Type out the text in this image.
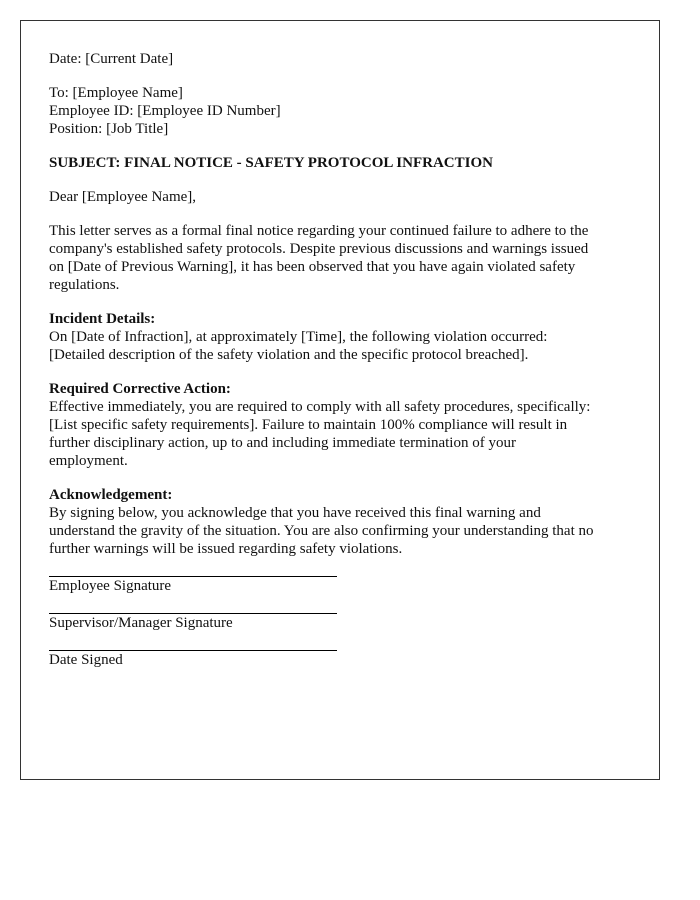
Date: [Current Date]

To: [Employee Name]
Employee ID: [Employee ID Number]
Position: [Job Title]

SUBJECT: FINAL NOTICE - SAFETY PROTOCOL INFRACTION

Dear [Employee Name],

This letter serves as a formal final notice regarding your continued failure to adhere to the
company's established safety protocols. Despite previous discussions and warnings issued
on [Date of Previous Warning], it has been observed that you have again violated safety
regulations.

Incident Details:
On [Date of Infraction], at approximately [Time], the following violation occurred:
[Detailed description of the safety violation and the specific protocol breached].
Required Corrective Action:
Effective immediately, you are required to comply with all safety procedures, specifically:
[List specific safety requirements]. Failure to maintain 100% compliance will result in
further disciplinary action, up to and including immediate termination of your
employment.
Acknowledgement:
By signing below, you acknowledge that you have received this final warning and
understand the gravity of the situation. You are also confirming your understanding that no
further warnings will be issued regarding safety violations.
Employee Signature
Supervisor/Manager Signature
Date Signed
